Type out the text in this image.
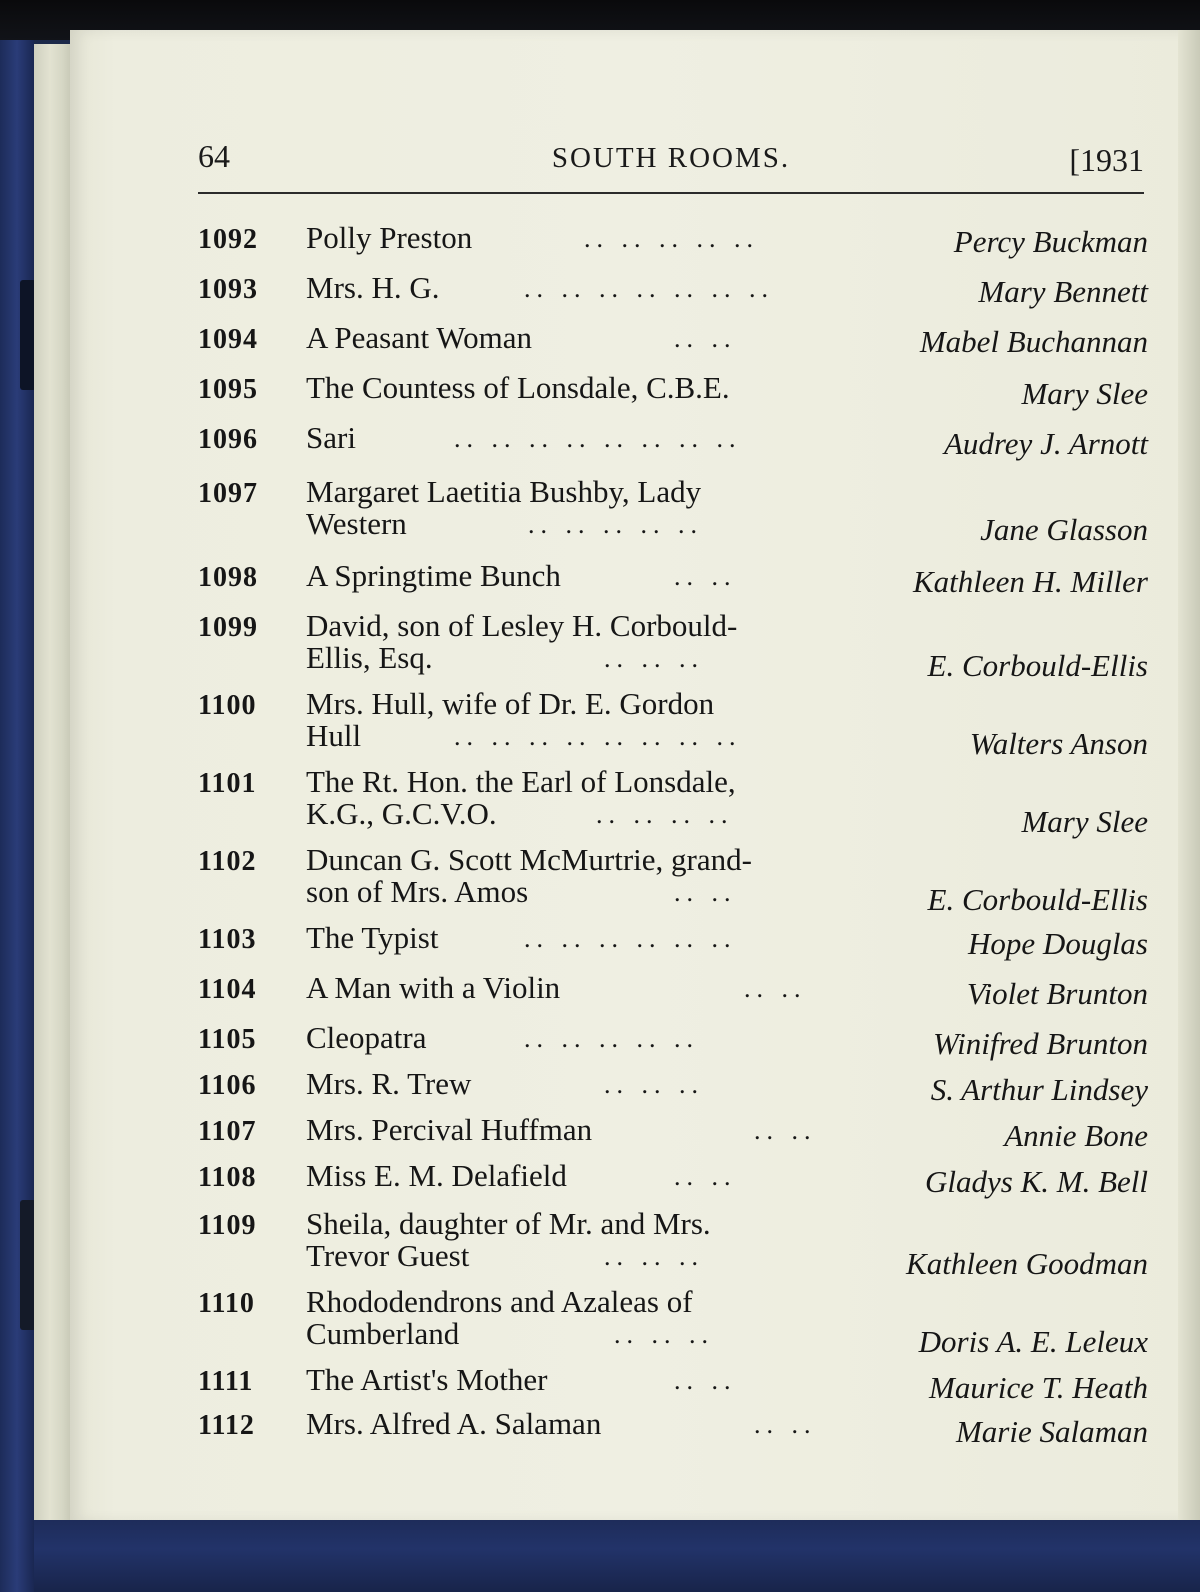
64	SOUTH ROOMS.	[1931
1092 Polly Preston	.. .. .. .. ..	Percy Buckman
1093 Mrs. H. G.	.. .. .. .. .. .. ..	Mary Bennett
1094 A Peasant Woman	.. ..	Mabel Buchannan
1095 The Countess of Lonsdale, C.B.E.	Mary Slee
1096 Sari	.. .. .. .. .. .. .. ..	Audrey J. Arnott
1097 Margaret Laetitia Bushby, Lady
Western	.. .. .. .. ..	Jane Glasson
1098 A Springtime Bunch	.. ..	Kathleen H. Miller
1099 David, son of Lesley H. Corbould-
Ellis, Esq.	.. .. ..	E. Corbould-Ellis
1100 Mrs. Hull, wife of Dr. E. Gordon
Hull	.. .. .. .. .. .. .. ..	Walters Anson
1101 The Rt. Hon. the Earl of Lonsdale,
K.G., G.C.V.O.	.. .. .. ..	Mary Slee
1102 Duncan G. Scott McMurtrie, grand-
son of Mrs. Amos	.. ..	E. Corbould-Ellis
1103 The Typist	.. .. .. .. .. ..	Hope Douglas
1104 A Man with a Violin	.. ..	Violet Brunton
1105 Cleopatra	.. .. .. .. ..	Winifred Brunton
1106 Mrs. R. Trew	.. .. ..	S. Arthur Lindsey
1107 Mrs. Percival Huffman	.. ..	Annie Bone
1108 Miss E. M. Delafield	.. ..	Gladys K. M. Bell
1109 Sheila, daughter of Mr. and Mrs.
Trevor Guest	.. .. ..	Kathleen Goodman
1110 Rhododendrons and Azaleas of
Cumberland	.. .. ..	Doris A. E. Leleux
1111 The Artist's Mother	.. ..	Maurice T. Heath
1112 Mrs. Alfred A. Salaman	.. ..	Marie Salaman
